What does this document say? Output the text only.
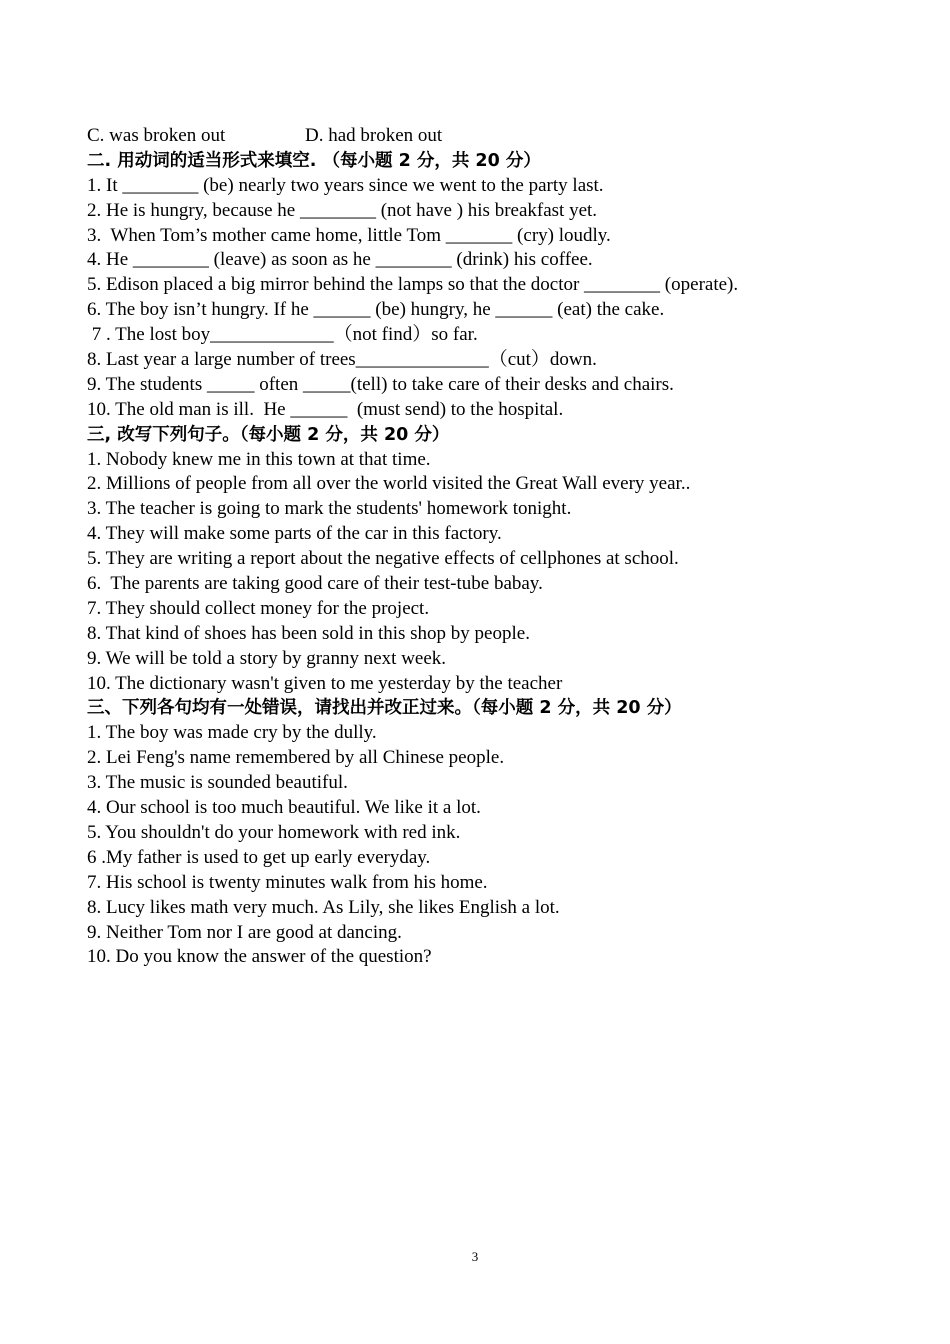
C. was broken out	D. had broken out
二. 用动词的适当形式来填空. （每小题 2 分，共 20 分）
1. It ________ (be) nearly two years since we went to the party last.
2. He is hungry, because he ________ (not have ) his breakfast yet.
3.  When Tom’s mother came home, little Tom _______ (cry) loudly.
4. He ________ (leave) as soon as he ________ (drink) his coffee.
5. Edison placed a big mirror behind the lamps so that the doctor ________ (operate).
6. The boy isn’t hungry. If he ______ (be) hungry, he ______ (eat) the cake.
7 . The lost boy_____________（not find）so far.
8. Last year a large number of trees______________（cut）down.
9. The students _____ often _____(tell) to take care of their desks and chairs.
10. The old man is ill.  He ______  (must send) to the hospital.
三, 改写下列句子。（每小题 2 分，共 20 分）
1. Nobody knew me in this town at that time.
2. Millions of people from all over the world visited the Great Wall every year..
3. The teacher is going to mark the students' homework tonight.
4. They will make some parts of the car in this factory.
5. They are writing a report about the negative effects of cellphones at school.
6.  The parents are taking good care of their test-tube babay.
7. They should collect money for the project.
8. That kind of shoes has been sold in this shop by people.
9. We will be told a story by granny next week.
10. The dictionary wasn't given to me yesterday by the teacher
三、下列各句均有一处错误，请找出并改正过来。（每小题 2 分，共 20 分）
1. The boy was made cry by the dully.
2. Lei Feng's name remembered by all Chinese people.
3. The music is sounded beautiful.
4. Our school is too much beautiful. We like it a lot.
5. You shouldn't do your homework with red ink.
6 .My father is used to get up early everyday.
7. His school is twenty minutes walk from his home.
8. Lucy likes math very much. As Lily, she likes English a lot.
9. Neither Tom nor I are good at dancing.
10. Do you know the answer of the question?
3
